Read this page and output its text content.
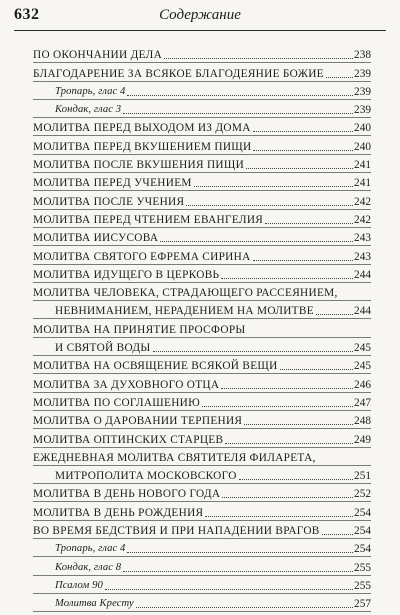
632	Содержание
ПО ОКОНЧАНИИ ДЕЛА	238
БЛАГОДАРЕНИЕ ЗА ВСЯКОЕ БЛАГОДЕЯНИЕ БОЖИЕ	239
Тропарь, глас 4	239
Кондак, глас 3	239
МОЛИТВА ПЕРЕД ВЫХОДОМ ИЗ ДОМА	240
МОЛИТВА ПЕРЕД ВКУШЕНИЕМ ПИЩИ	240
МОЛИТВА ПОСЛЕ ВКУШЕНИЯ ПИЩИ	241
МОЛИТВА ПЕРЕД УЧЕНИЕМ	241
МОЛИТВА ПОСЛЕ УЧЕНИЯ	242
МОЛИТВА ПЕРЕД ЧТЕНИЕМ ЕВАНГЕЛИЯ	242
МОЛИТВА ИИСУСОВА	243
МОЛИТВА СВЯТОГО ЕФРЕМА СИРИНА	243
МОЛИТВА ИДУЩЕГО В ЦЕРКОВЬ	244
МОЛИТВА ЧЕЛОВЕКА, СТРАДАЮЩЕГО РАССЕЯНИЕМ,
НЕВНИМАНИЕМ, НЕРАДЕНИЕМ НА МОЛИТВЕ	244
МОЛИТВА НА ПРИНЯТИЕ ПРОСФОРЫ
И СВЯТОЙ ВОДЫ	245
МОЛИТВА НА ОСВЯЩЕНИЕ ВСЯКОЙ ВЕЩИ	245
МОЛИТВА ЗА ДУХОВНОГО ОТЦА	246
МОЛИТВА ПО СОГЛАШЕНИЮ	247
МОЛИТВА О ДАРОВАНИИ ТЕРПЕНИЯ	248
МОЛИТВА ОПТИНСКИХ СТАРЦЕВ	249
ЕЖЕДНЕВНАЯ МОЛИТВА СВЯТИТЕЛЯ ФИЛАРЕТА,
МИТРОПОЛИТА МОСКОВСКОГО	251
МОЛИТВА В ДЕНЬ НОВОГО ГОДА	252
МОЛИТВА В ДЕНЬ РОЖДЕНИЯ	254
ВО ВРЕМЯ БЕДСТВИЯ И ПРИ НАПАДЕНИИ ВРАГОВ	254
Тропарь, глас 4	254
Кондак, глас 8	255
Псалом 90	255
Молитва Кресту	257
